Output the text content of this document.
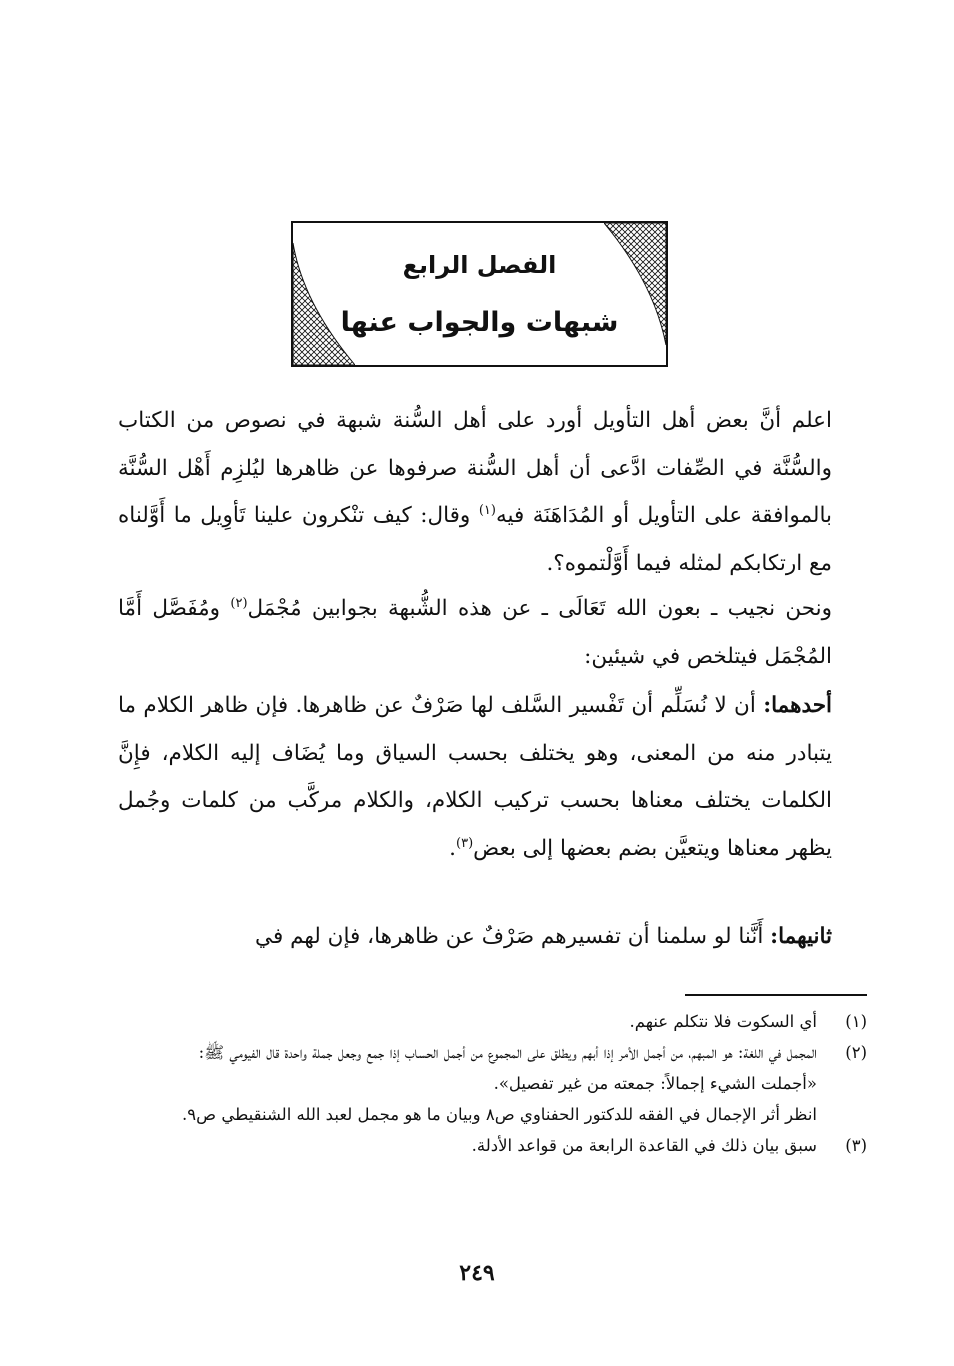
الفصل الرابع
شبهات والجواب عنها
اعلم أنَّ بعض أهل التأويل أورد على أهل السُّنة شبهة في نصوص من الكتاب والسُّنَّة في الصِّفات ادَّعى أن أهل السُّنة صرفوها عن ظاهرها ليُلزِم أَهْل السُّنَّة بالموافقة على التأويل أو المُدَاهَنَة فيه$^{(١)}$ وقال: كيف تنْكرون علينا تَأوِيل ما أَوَّلناه مع ارتكابكم لمثله فيما أَوَّلْتموه؟.
ونحن نجيب ـ بعون الله تَعَالَى ـ عن هذه الشُّبهة بجوابين مُجْمَل$^{(٢)}$ ومُفَصَّل أَمَّا المُجْمَل فيتلخص في شيئين:
أحدهما: أن لا نُسَلِّم أن تَفْسير السَّلف لها صَرْفٌ عن ظاهرها. فإن ظاهر الكلام ما يتبادر منه من المعنى، وهو يختلف بحسب السياق وما يُضَاف إليه الكلام، فإِنَّ الكلمات يختلف معناها بحسب تركيب الكلام، والكلام مركَّب من كلمات وجُمل يظهر معناها ويتعيَّن بضم بعضها إلى بعض$^{(٣)}$.
ثانيهما: أَنَّنا لو سلمنا أن تفسيرهم صَرْفٌ عن ظاهرها، فإن لهم في
(١)
أي السكوت فلا نتكلم عنهم.
(٢)
المجمل في اللغة: هو المبهم، من أجمل الأمر إذا أبهم ويطلق على المجموع من أجمل الحساب إذا جمع وجعل جملة واحدة قال الفيومي ﷺ:
«أجملت الشيء إجمالاً: جمعته من غير تفصيل».
انظر أثر الإجمال في الفقه للدكتور الحفناوي ص٨ وبيان ما هو مجمل لعبد الله الشنقيطي ص٩.
(٣)
سبق بيان ذلك في القاعدة الرابعة من قواعد الأدلة.
٢٤٩
